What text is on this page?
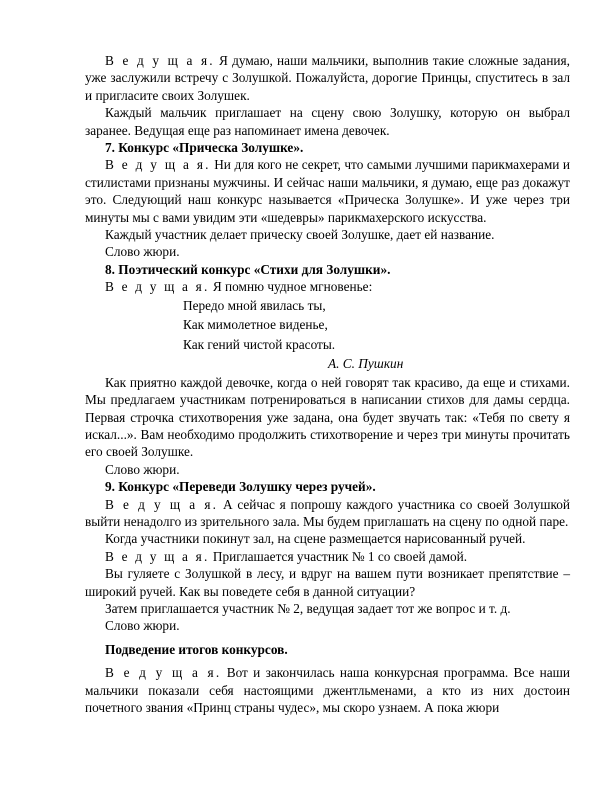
В е д у щ а я. Я думаю, наши мальчики, выполнив такие сложные задания, уже заслужили встречу с Золушкой. Пожалуйста, дорогие Принцы, спуститесь в зал и пригласите своих Золушек.

Каждый мальчик приглашает на сцену свою Золушку, которую он выбрал заранее. Ведущая еще раз напоминает имена девочек.

7. Конкурс «Прическа Золушке».

В е д у щ а я. Ни для кого не секрет, что самыми лучшими парикмахерами и стилистами признаны мужчины. И сейчас наши мальчики, я думаю, еще раз докажут это. Следующий наш конкурс называется «Прическа Золушке». И уже через три минуты мы с вами увидим эти «шедевры» парикмахерского искусства.

Каждый участник делает прическу своей Золушке, дает ей название.

Слово жюри.

8. Поэтический конкурс «Стихи для Золушки».

В е д у щ а я. Я помню чудное мгновенье:

Передо мной явилась ты,
Как мимолетное виденье,
Как гений чистой красоты.
А. С. Пушкин

Как приятно каждой девочке, когда о ней говорят так красиво, да еще и стихами. Мы предлагаем участникам потренироваться в написании стихов для дамы сердца. Первая строчка стихотворения уже задана, она будет звучать так: «Тебя по свету я искал...». Вам необходимо продолжить стихотворение и через три минуты прочитать его своей Золушке.

Слово жюри.

9. Конкурс «Переведи Золушку через ручей».

В е д у щ а я. А сейчас я попрошу каждого участника со своей Золушкой выйти ненадолго из зрительного зала. Мы будем приглашать на сцену по одной паре.

Когда участники покинут зал, на сцене размещается нарисованный ручей.

В е д у щ а я. Приглашается участник № 1 со своей дамой.

Вы гуляете с Золушкой в лесу, и вдруг на вашем пути возникает препятствие – широкий ручей. Как вы поведете себя в данной ситуации?

Затем приглашается участник № 2, ведущая задает тот же вопрос и т. д.

Слово жюри.

Подведение итогов конкурсов.

В е д у щ а я. Вот и закончилась наша конкурсная программа. Все наши мальчики показали себя настоящими джентльменами, а кто из них достоин почетного звания «Принц страны чудес», мы скоро узнаем. А пока жюри
